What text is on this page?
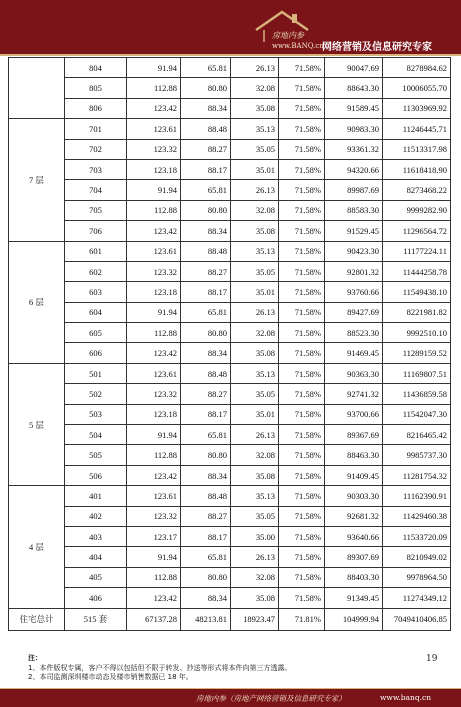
房地内参
www.BANQ.cn
网络营销及信息研究专家
	804	91.94	65.81	26.13	71.58%	90047.69	8278984.62
	805	112.88	80.80	32.08	71.58%	88643.30	10006055.70
	806	123.42	88.34	35.08	71.58%	91589.45	11303969.92
7 层	701	123.61	88.48	35.13	71.58%	90983.30	11246445.71
	702	123.32	88.27	35.05	71.58%	93361.32	11513317.98
	703	123.18	88.17	35.01	71.58%	94320.66	11618418.90
	704	91.94	65.81	26.13	71.58%	89987.69	8273468.22
	705	112.88	80.80	32.08	71.58%	88583.30	9999282.90
	706	123.42	88.34	35.08	71.58%	91529.45	11296564.72
6 层	601	123.61	88.48	35.13	71.58%	90423.30	11177224.11
	602	123.32	88.27	35.05	71.58%	92801.32	11444258.78
	603	123.18	88.17	35.01	71.58%	93760.66	11549438.10
	604	91.94	65.81	26.13	71.58%	89427.69	8221981.82
	605	112.88	80.80	32.08	71.58%	88523.30	9992510.10
	606	123.42	88.34	35.08	71.58%	91469.45	11289159.52
5 层	501	123.61	88.48	35.13	71.58%	90363.30	11169807.51
	502	123.32	88.27	35.05	71.58%	92741.32	11436859.58
	503	123.18	88.17	35.01	71.58%	93700.66	11542047.30
	504	91.94	65.81	26.13	71.58%	89367.69	8216465.42
	505	112.88	80.80	32.08	71.58%	88463.30	9985737.30
	506	123.42	88.34	35.08	71.58%	91409.45	11281754.32
4 层	401	123.61	88.48	35.13	71.58%	90303.30	11162390.91
	402	123.32	88.27	35.05	71.58%	92681.32	11429460.38
	403	123.17	88.17	35.00	71.58%	93640.66	11533720.09
	404	91.94	65.81	26.13	71.58%	89307.69	8210949.02
	405	112.88	80.80	32.08	71.58%	88403.30	9978964.50
	406	123.42	88.34	35.08	71.58%	91349.45	11274349.12
住宅总计	515 套	67137.28	48213.81	18923.47	71.81%	104999.94	7049410406.85
注：
1、本件版权专属，客户不得以包括但不限于转发、抄送等形式将本件向第三方透露。
2、本司监测深圳楼市动态及楼市销售数据已 18 年。
19
房地内参（房地产网络营销及信息研究专家）	www.banq.cn
